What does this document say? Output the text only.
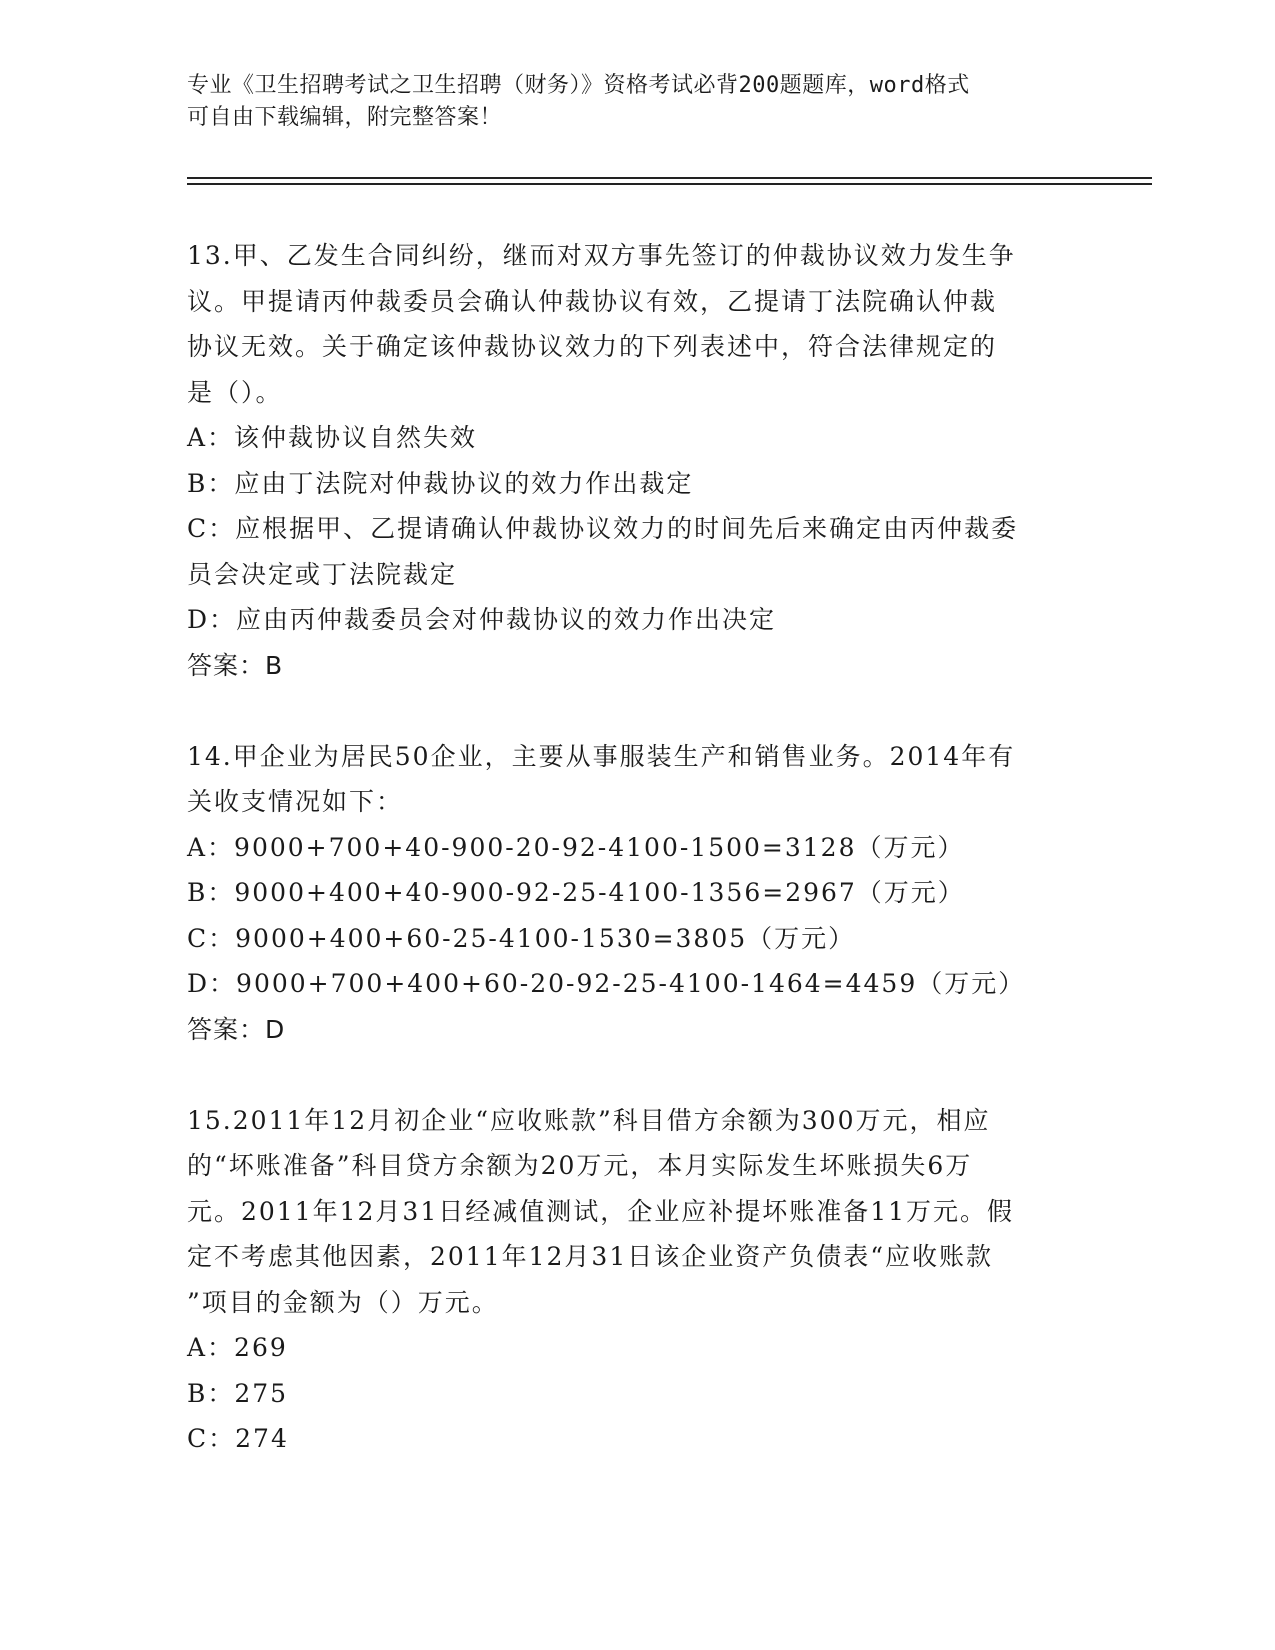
专业《卫生招聘考试之卫生招聘（财务）》资格考试必背200题题库，word格式
可自由下载编辑，附完整答案！
13.甲、乙发生合同纠纷，继而对双方事先签订的仲裁协议效力发生争
议。甲提请丙仲裁委员会确认仲裁协议有效，乙提请丁法院确认仲裁
协议无效。关于确定该仲裁协议效力的下列表述中，符合法律规定的
是（）。
A：该仲裁协议自然失效
B：应由丁法院对仲裁协议的效力作出裁定
C：应根据甲、乙提请确认仲裁协议效力的时间先后来确定由丙仲裁委
员会决定或丁法院裁定
D：应由丙仲裁委员会对仲裁协议的效力作出决定
答案：B
14.甲企业为居民50企业，主要从事服装生产和销售业务。2014年有
关收支情况如下：
A：9000+700+40-900-20-92-4100-1500=3128（万元）
B：9000+400+40-900-92-25-4100-1356=2967（万元）
C：9000+400+60-25-4100-1530=3805（万元）
D：9000+700+400+60-20-92-25-4100-1464=4459（万元）
答案：D
15.2011年12月初企业“应收账款”科目借方余额为300万元，相应
的“坏账准备”科目贷方余额为20万元，本月实际发生坏账损失6万
元。2011年12月31日经减值测试，企业应补提坏账准备11万元。假
定不考虑其他因素，2011年12月31日该企业资产负债表“应收账款
”项目的金额为（）万元。
A：269
B：275
C：274
